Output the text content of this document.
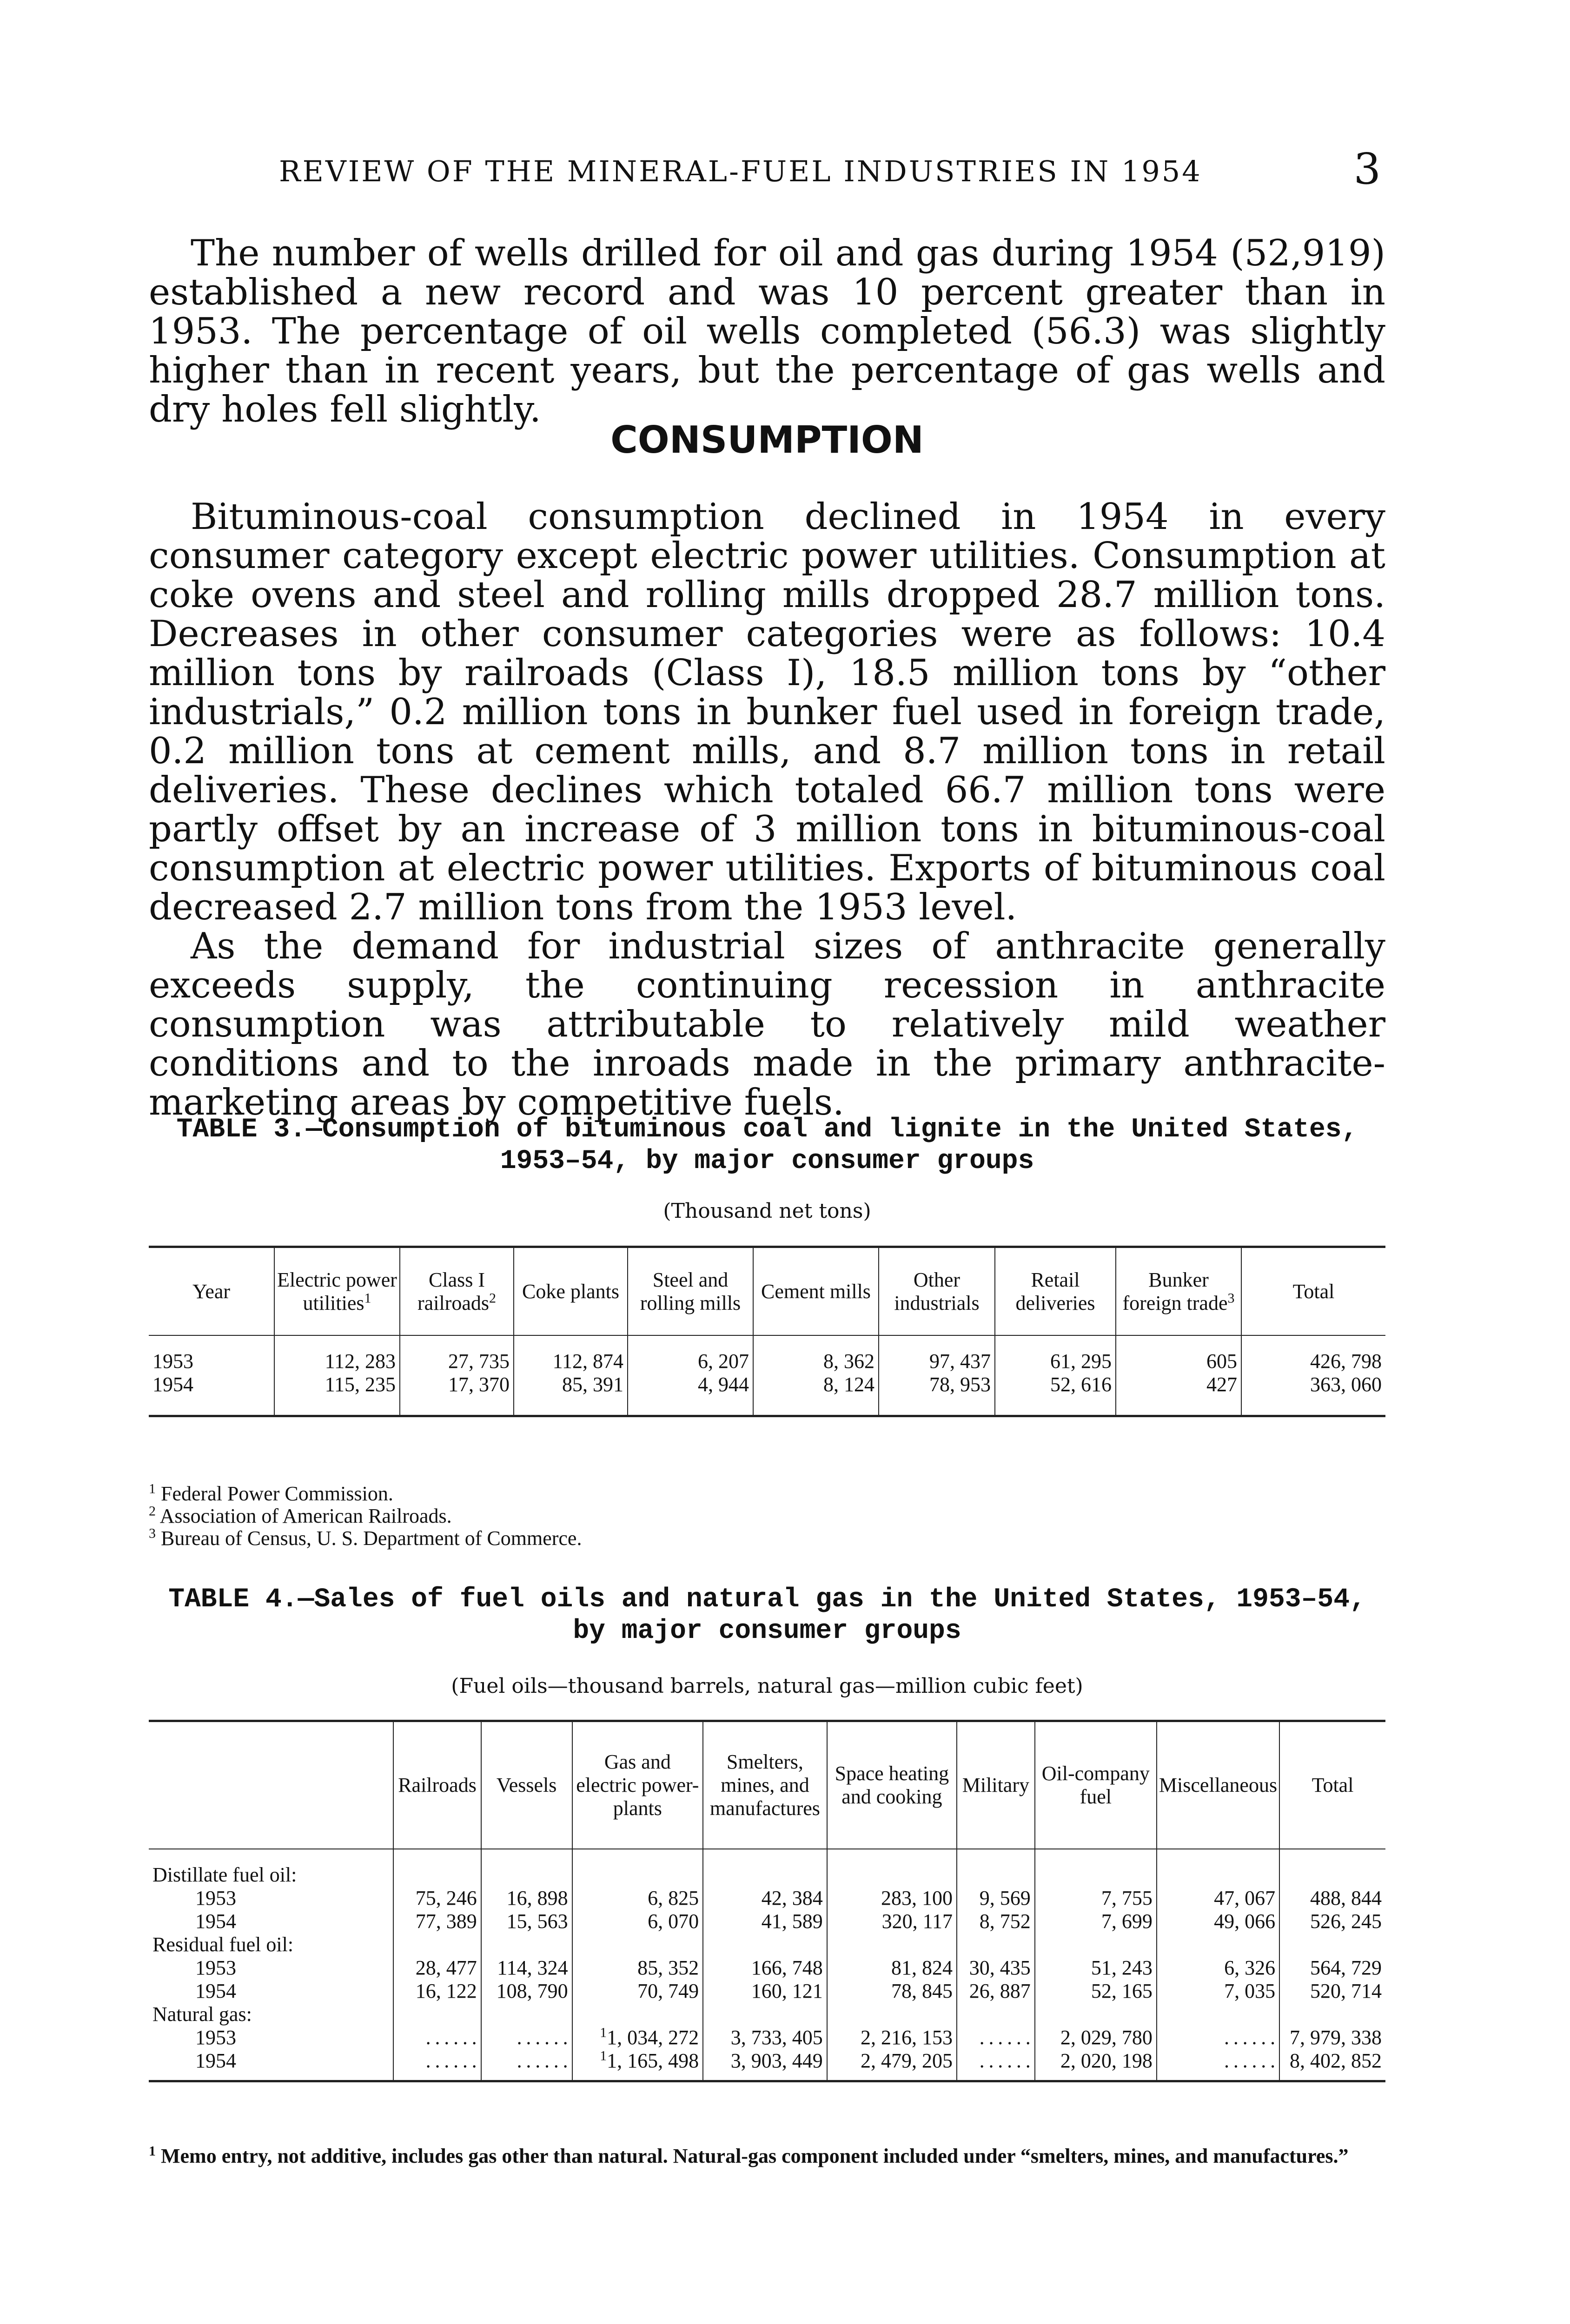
REVIEW OF THE MINERAL-FUEL INDUSTRIES IN 1954	3

The number of wells drilled for oil and gas during 1954 (52,919) established a new record and was 10 percent greater than in 1953. The percentage of oil wells completed (56.3) was slightly higher than in recent years, but the percentage of gas wells and dry holes fell slightly.

CONSUMPTION

Bituminous-coal consumption declined in 1954 in every consumer category except electric power utilities. Consumption at coke ovens and steel and rolling mills dropped 28.7 million tons. Decreases in other consumer categories were as follows: 10.4 million tons by railroads (Class I), 18.5 million tons by “other industrials,” 0.2 million tons in bunker fuel used in foreign trade, 0.2 million tons at cement mills, and 8.7 million tons in retail deliveries. These declines which totaled 66.7 million tons were partly offset by an increase of 3 million tons in bituminous-coal consumption at electric power utilities. Exports of bituminous coal decreased 2.7 million tons from the 1953 level.

As the demand for industrial sizes of anthracite generally exceeds supply, the continuing recession in anthracite consumption was attributable to relatively mild weather conditions and to the inroads made in the primary anthracite-marketing areas by competitive fuels.

TABLE 3.—Consumption of bituminous coal and lignite in the United States, 1953–54, by major consumer groups
(Thousand net tons)
Year	Electric power utilities$^1$	Class I railroads$^2$	Coke plants	Steel and rolling mills	Cement mills	Other industrials	Retail deliveries	Bunker foreign trade$^3$	Total
1953	112, 283	27, 735	112, 874	6, 207	8, 362	97, 437	61, 295	605	426, 798
1954	115, 235	17, 370	85, 391	4, 944	8, 124	78, 953	52, 616	427	363, 060
$^1$ Federal Power Commission.
$^2$ Association of American Railroads.
$^3$ Bureau of Census, U. S. Department of Commerce.
TABLE 4.—Sales of fuel oils and natural gas in the United States, 1953–54, by major consumer groups
(Fuel oils—thousand barrels, natural gas—million cubic feet)
	Railroads	Vessels	Gas and electric power-plants	Smelters, mines, and manufactures	Space heating and cooking	Military	Oil-company fuel	Miscellaneous	Total
Distillate fuel oil:									
1953	75, 246	16, 898	6, 825	42, 384	283, 100	9, 569	7, 755	47, 067	488, 844
1954	77, 389	15, 563	6, 070	41, 589	320, 117	8, 752	7, 699	49, 066	526, 245
Residual fuel oil:									
1953	28, 477	114, 324	85, 352	166, 748	81, 824	30, 435	51, 243	6, 326	564, 729
1954	16, 122	108, 790	70, 749	160, 121	78, 845	26, 887	52, 165	7, 035	520, 714
Natural gas:									
1953	 . . . . . .	 . . . . . .	$^1$1, 034, 272	3, 733, 405	2, 216, 153	 . . . . . .	2, 029, 780	 . . . . . .	7, 979, 338
1954	 . . . . . .	 . . . . . .	$^1$1, 165, 498	3, 903, 449	2, 479, 205	 . . . . . .	2, 020, 198	 . . . . . .	8, 402, 852
$^1$ Memo entry, not additive, includes gas other than natural. Natural-gas component included under “smelters, mines, and manufactures.”
